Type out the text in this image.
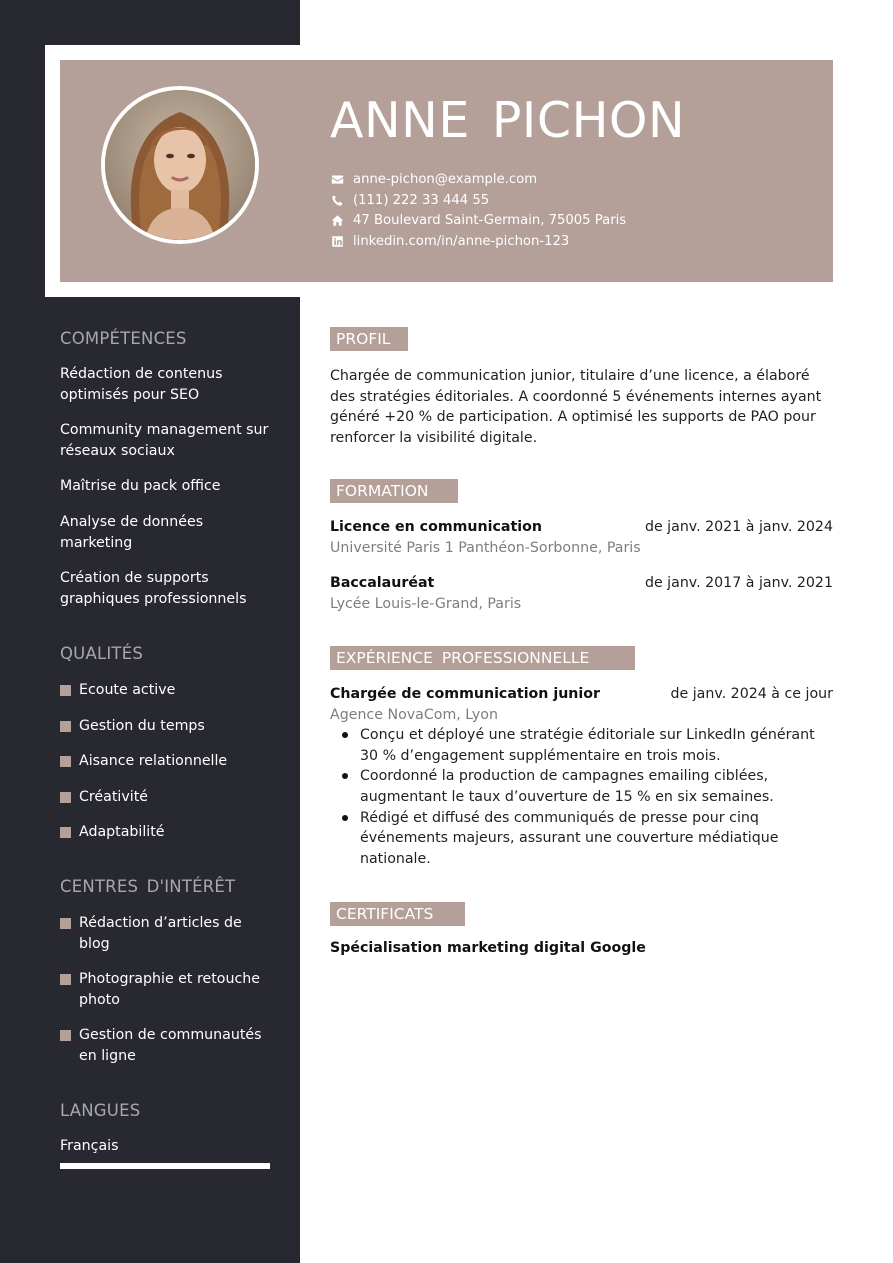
ANNE PICHON
anne-pichon@example.com
(111) 222 33 444 55
47 Boulevard Saint-Germain, 75005 Paris
linkedin.com/in/anne-pichon-123
COMPÉTENCES
Rédaction de contenus optimisés pour SEO
Community management sur réseaux sociaux
Maîtrise du pack office
Analyse de données marketing
Création de supports graphiques professionnels
QUALITÉS
Ecoute active
Gestion du temps
Aisance relationnelle
Créativité
Adaptabilité
CENTRES D'INTÉRÊT
Rédaction d’articles de blog
Photographie et retouche photo
Gestion de communautés en ligne
LANGUES
Français
PROFIL
Chargée de communication junior, titulaire d’une licence, a élaboré des stratégies éditoriales. A coordonné 5 événements internes ayant généré +20 % de participation. A optimisé les supports de PAO pour renforcer la visibilité digitale.
FORMATION
Licence en communication	de janv. 2021 à janv. 2024
Université Paris 1 Panthéon-Sorbonne, Paris
Baccalauréat	de janv. 2017 à janv. 2021
Lycée Louis-le-Grand, Paris
EXPÉRIENCE PROFESSIONNELLE
Chargée de communication junior	de janv. 2024 à ce jour
Agence NovaCom, Lyon
Conçu et déployé une stratégie éditoriale sur LinkedIn générant 30 % d’engagement supplémentaire en trois mois.
Coordonné la production de campagnes emailing ciblées, augmentant le taux d’ouverture de 15 % en six semaines.
Rédigé et diffusé des communiqués de presse pour cinq événements majeurs, assurant une couverture médiatique nationale.
CERTIFICATS
Spécialisation marketing digital Google
